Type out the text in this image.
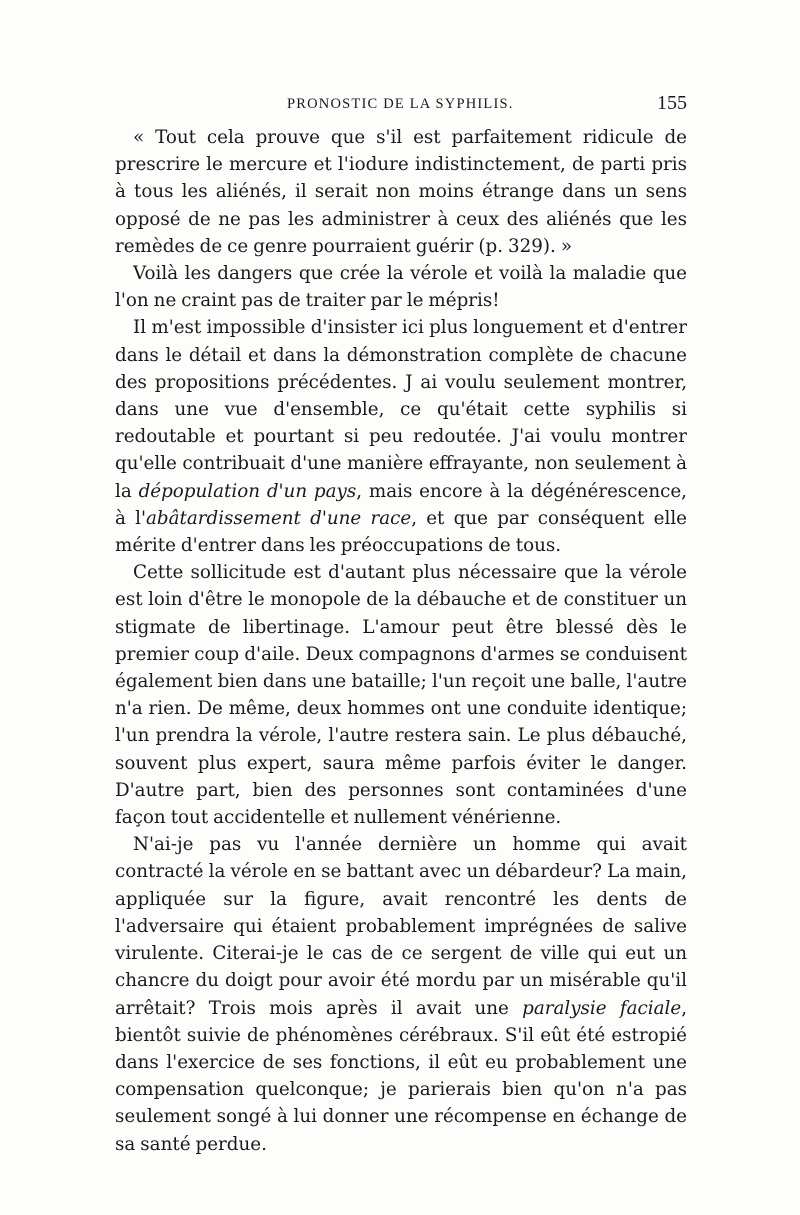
PRONOSTIC DE LA SYPHILIS.	155

« Tout cela prouve que s'il est parfaitement ridicule de prescrire le mercure et l'iodure indistinctement, de parti pris à tous les aliénés, il serait non moins étrange dans un sens opposé de ne pas les administrer à ceux des aliénés que les remèdes de ce genre pourraient guérir (p. 329). »

Voilà les dangers que crée la vérole et voilà la maladie que l'on ne craint pas de traiter par le mépris!

Il m'est impossible d'insister ici plus longuement et d'entrer dans le détail et dans la démonstration complète de chacune des propositions précédentes. J ai voulu seulement montrer, dans une vue d'ensemble, ce qu'était cette syphilis si redoutable et pourtant si peu redoutée. J'ai voulu montrer qu'elle contribuait d'une manière effrayante, non seulement à la dépopulation d'un pays, mais encore à la dégénérescence, à l'abâtardissement d'une race, et que par conséquent elle mérite d'entrer dans les préoccupations de tous.

Cette sollicitude est d'autant plus nécessaire que la vérole est loin d'être le monopole de la débauche et de constituer un stigmate de libertinage. L'amour peut être blessé dès le premier coup d'aile. Deux compagnons d'armes se conduisent également bien dans une bataille; l'un reçoit une balle, l'autre n'a rien. De même, deux hommes ont une conduite identique; l'un prendra la vérole, l'autre restera sain. Le plus débauché, souvent plus expert, saura même parfois éviter le danger. D'autre part, bien des personnes sont contaminées d'une façon tout accidentelle et nullement vénérienne.

N'ai-je pas vu l'année dernière un homme qui avait contracté la vérole en se battant avec un débardeur? La main, appliquée sur la figure, avait rencontré les dents de l'adversaire qui étaient probablement imprégnées de salive virulente. Citerai-je le cas de ce sergent de ville qui eut un chancre du doigt pour avoir été mordu par un misérable qu'il arrêtait? Trois mois après il avait une paralysie faciale, bientôt suivie de phénomènes cérébraux. S'il eût été estropié dans l'exercice de ses fonctions, il eût eu probablement une compensation quelconque; je parierais bien qu'on n'a pas seulement songé à lui donner une récompense en échange de sa santé perdue.
